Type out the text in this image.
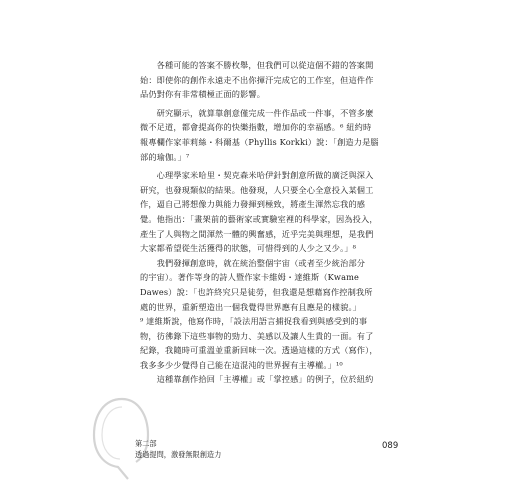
　　各種可能的答案不勝枚舉，但我們可以從這個不錯的答案開
始：即使你的創作永遠走不出你揮汗完成它的工作室，但這件作
品仍對你有非常積極正面的影響。

　　研究顯示，就算靠創意僅完成一件作品或一件事，不管多麼
微不足道，都會提高你的快樂指數，增加你的幸福感。⁶ 紐約時
報專欄作家菲莉絲・科爾基（Phyllis Korkki）說：「創造力是腦
部的瑜伽。」⁷

　　心理學家米哈里・契克森米哈伊針對創意所做的廣泛與深入
研究，也發現類似的結果。他發現，人只要全心全意投入某個工
作，逼自己將想像力與能力發揮到極致，將產生渾然忘我的感
覺。他指出：「畫架前的藝術家或實驗室裡的科學家，因為投入，
產生了人與物之間渾然一體的興奮感，近乎完美與理想，是我們
大家都希望從生活獲得的狀態，可惜得到的人少之又少。」⁸

　　我們發揮創意時，就在統治整個宇宙（或者至少統治部分
的宇宙）。著作等身的詩人暨作家卡維姆・達維斯（Kwame
Dawes）說：「也許終究只是徒勞，但我還是想藉寫作控制我所
處的世界，重新塑造出一個我覺得世界應有且應是的樣貌。」
⁹ 達維斯說，他寫作時，「設法用語言捕捉我看到與感受到的事
物，彷彿錄下這些事物的勁力、美感以及讓人生貴的一面。有了
紀錄，我隨時可重溫並重新回味一次。透過這樣的方式（寫作），
我多多少少覺得自己能在這混沌的世界握有主導權。」¹⁰

　　這種靠創作拾回「主導權」或「掌控感」的例子，位於紐約

第二部
透過提問，激發無限創造力
089
